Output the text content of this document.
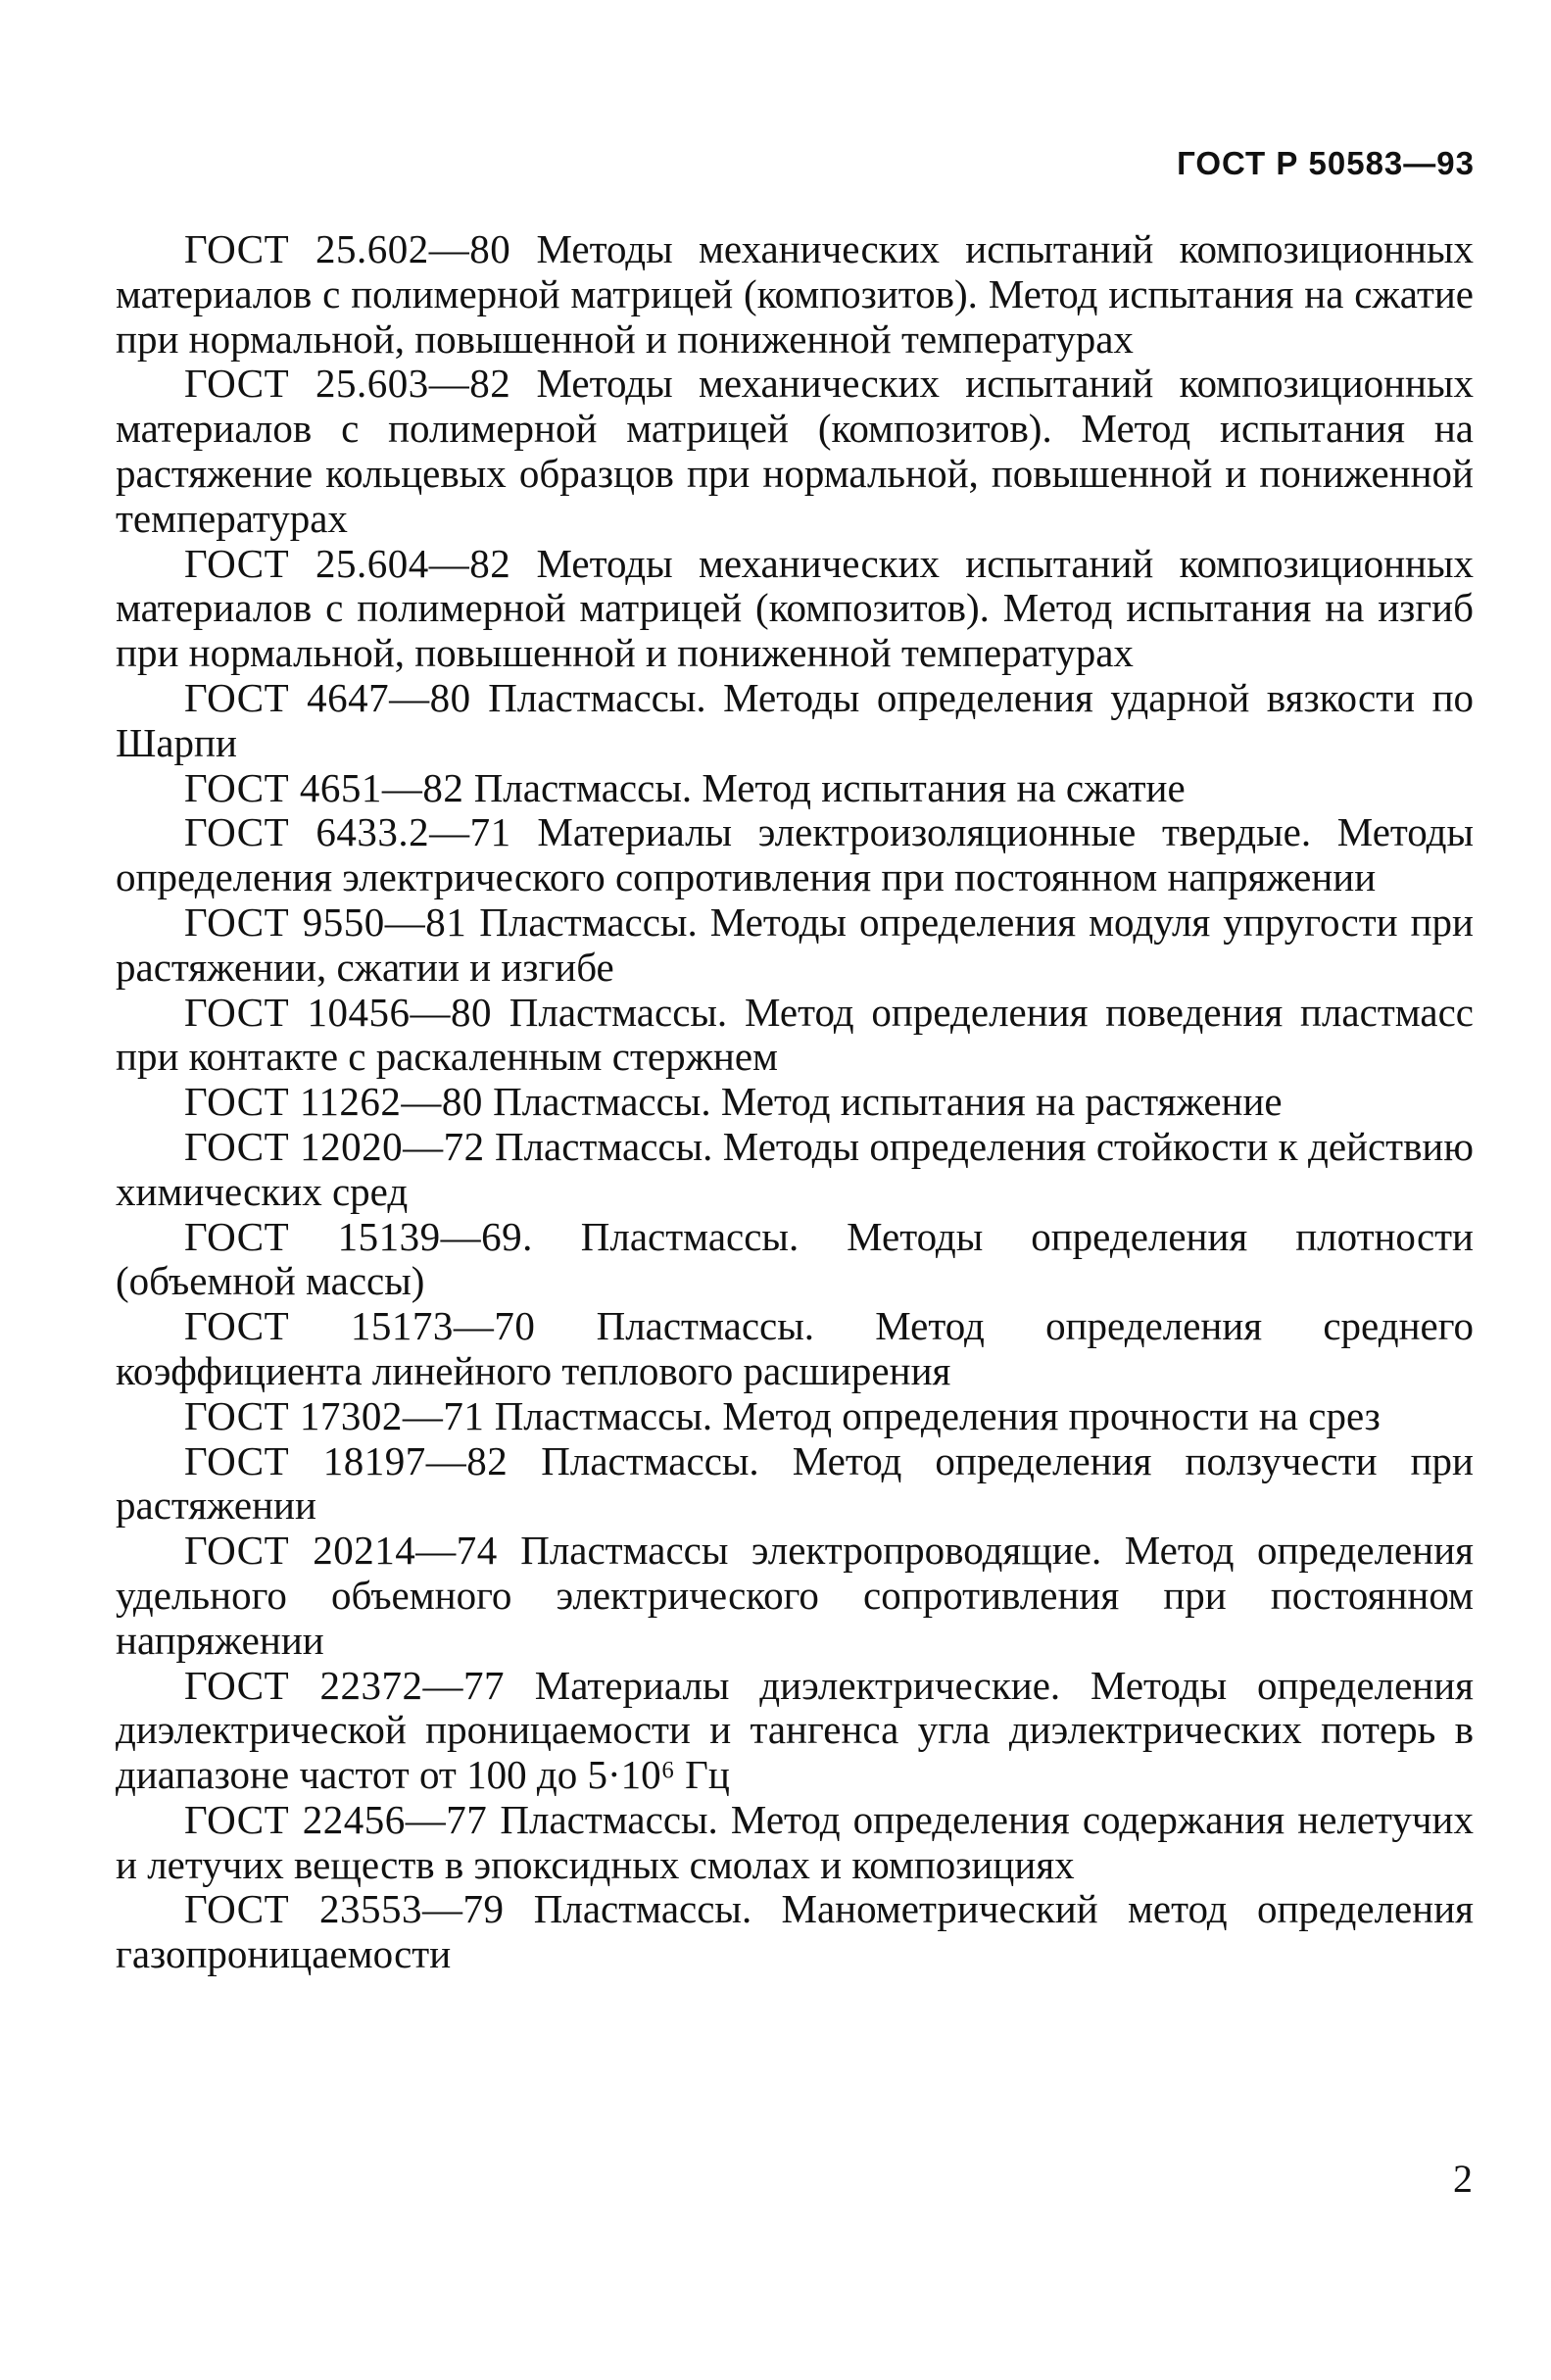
ГОСТ Р 50583—93

ГОСТ 25.602—80 Методы механических испытаний композиционных материалов с полимерной матрицей (композитов). Метод испытания на сжатие при нормальной, повышенной и пониженной температурах

ГОСТ 25.603—82 Методы механических испытаний композиционных материалов с полимерной матрицей (композитов). Метод испытания на растяжение кольцевых образцов при нормальной, повышенной и пониженной температурах

ГОСТ 25.604—82 Методы механических испытаний композиционных материалов с полимерной матрицей (композитов). Метод испытания на изгиб при нормальной, повышенной и пониженной температурах

ГОСТ 4647—80 Пластмассы. Методы определения ударной вязкости по Шарпи

ГОСТ 4651—82 Пластмассы. Метод испытания на сжатие

ГОСТ 6433.2—71 Материалы электроизоляционные твердые. Методы определения электрического сопротивления при постоянном напряжении

ГОСТ 9550—81 Пластмассы. Методы определения модуля упругости при растяжении, сжатии и изгибе

ГОСТ 10456—80 Пластмассы. Метод определения поведения пластмасс при контакте с раскаленным стержнем

ГОСТ 11262—80 Пластмассы. Метод испытания на растяжение

ГОСТ 12020—72 Пластмассы. Методы определения стойкости к действию химических сред

ГОСТ 15139—69. Пластмассы. Методы определения плотности (объемной массы)

ГОСТ 15173—70 Пластмассы. Метод определения среднего коэффициента линейного теплового расширения

ГОСТ 17302—71 Пластмассы. Метод определения прочности на срез

ГОСТ 18197—82 Пластмассы. Метод определения ползучести при растяжении

ГОСТ 20214—74 Пластмассы электропроводящие. Метод определения удельного объемного электрического сопротивления при постоянном напряжении

ГОСТ 22372—77 Материалы диэлектрические. Методы определения диэлектрической проницаемости и тангенса угла диэлектрических потерь в диапазоне частот от 100 до 5·10⁶ Гц

ГОСТ 22456—77 Пластмассы. Метод определения содержания нелетучих и летучих веществ в эпоксидных смолах и композициях

ГОСТ 23553—79 Пластмассы. Манометрический метод определения газопроницаемости

2
